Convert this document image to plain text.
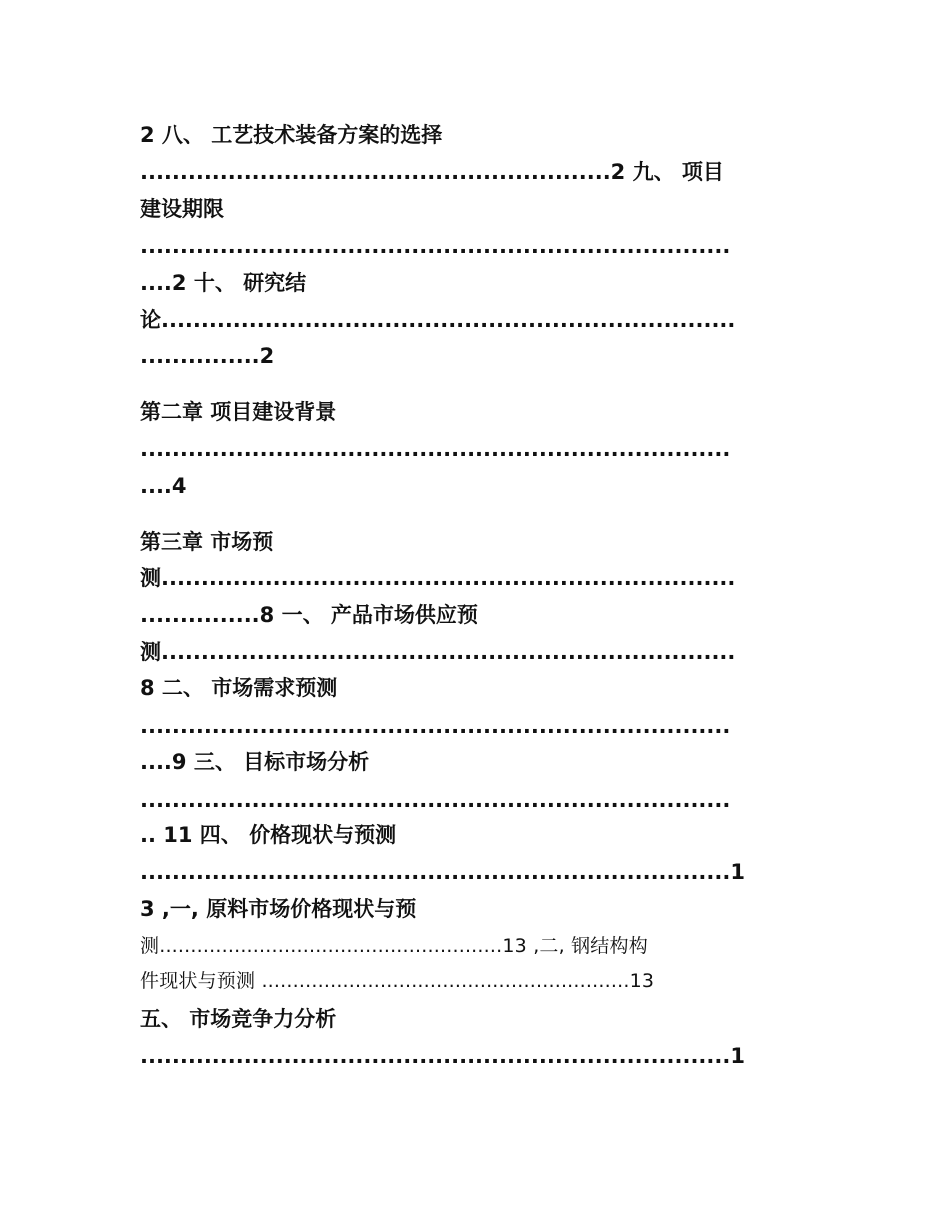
2 八、 工艺技术装备方案的选择
...........................................................2 九、 项目
建设期限
..........................................................................
....2 十、 研究结
论........................................................................
...............2
第二章 项目建设背景
..........................................................................
....4
第三章 市场预
测........................................................................
...............8 一、 产品市场供应预
测........................................................................
8 二、 市场需求预测
..........................................................................
....9 三、 目标市场分析
..........................................................................
.. 11 四、 价格现状与预测
..........................................................................1
3 ,一, 原料市场价格现状与预
测.......................................................13 ,二, 钢结构构
件现状与预测 ...........................................................13
五、 市场竞争力分析
..........................................................................1
